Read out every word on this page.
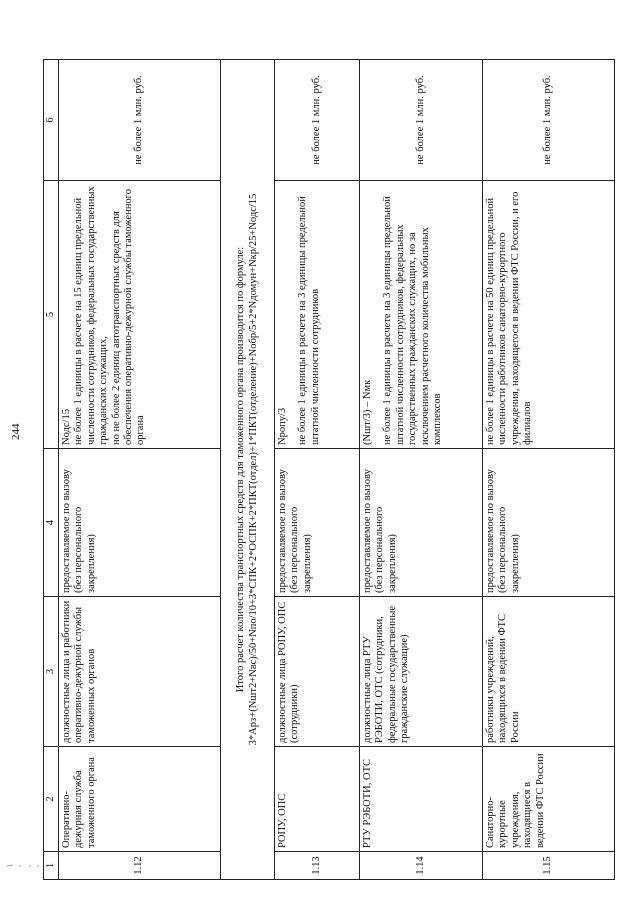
244
1	2	3	4	5	6
1.12	Оперативно-дежурная служба таможенного органа	должностные лица и работники оперативно-дежурной службы таможенных органов	предоставляемое по вызову (без персонального закрепления)	Nодс/15 не более 1 единицы в расчете на 15 единиц предельной численности сотрудников, федеральных государственных гражданских служащих, но не более 2 единиц автотранспортных средств для обеспечения оперативно-дежурной службы таможенного органа	не более 1 млн. руб.

Итого расчет количества транспортных средств для таможенного органа производится по формуле: 3*Арз+(Nшт2+Nвс)/50+Nпо/10+3*СПК+2*ОСПК+2*ПКТ(отдел)+1*ПКТ(отделение)+Nобр/5+2*Nдомун+Nкр/25+Nодс/15					

1.13	РОПУ, ОПС	должностные лица РОПУ, ОПС (сотрудники)	предоставляемое по вызову (без персонального закрепления)	Nропу/3 не более 1 единицы в расчете на 3 единицы предельной штатной численности сотрудников	не более 1 млн. руб.
1.14	РТУ РЭБОТИ, ОТС	должностные лица РТУ РЭБОТИ, ОТС (сотрудники, федеральные государственные гражданские служащие)	предоставляемое по вызову (без персонального закрепления)	(Nшт/3) – Nмк не более 1 единицы в расчете на 3 единицы предельной штатной численности сотрудников, федеральных государственных гражданских служащих, но за исключением расчетного количества мобильных комплексов	не более 1 млн. руб.
1.15	Санаторно-курортные учреждения, находящиеся в ведении ФТС России	работники учреждений, находящихся в ведении ФТС России	предоставляемое по вызову (без персонального закрепления)	не более 1 единицы в расчете на 50 единиц предельной численности работников санаторно-курортного учреждения, находящегося в ведении ФТС России, и его филиалов	не более 1 млн. руб.
